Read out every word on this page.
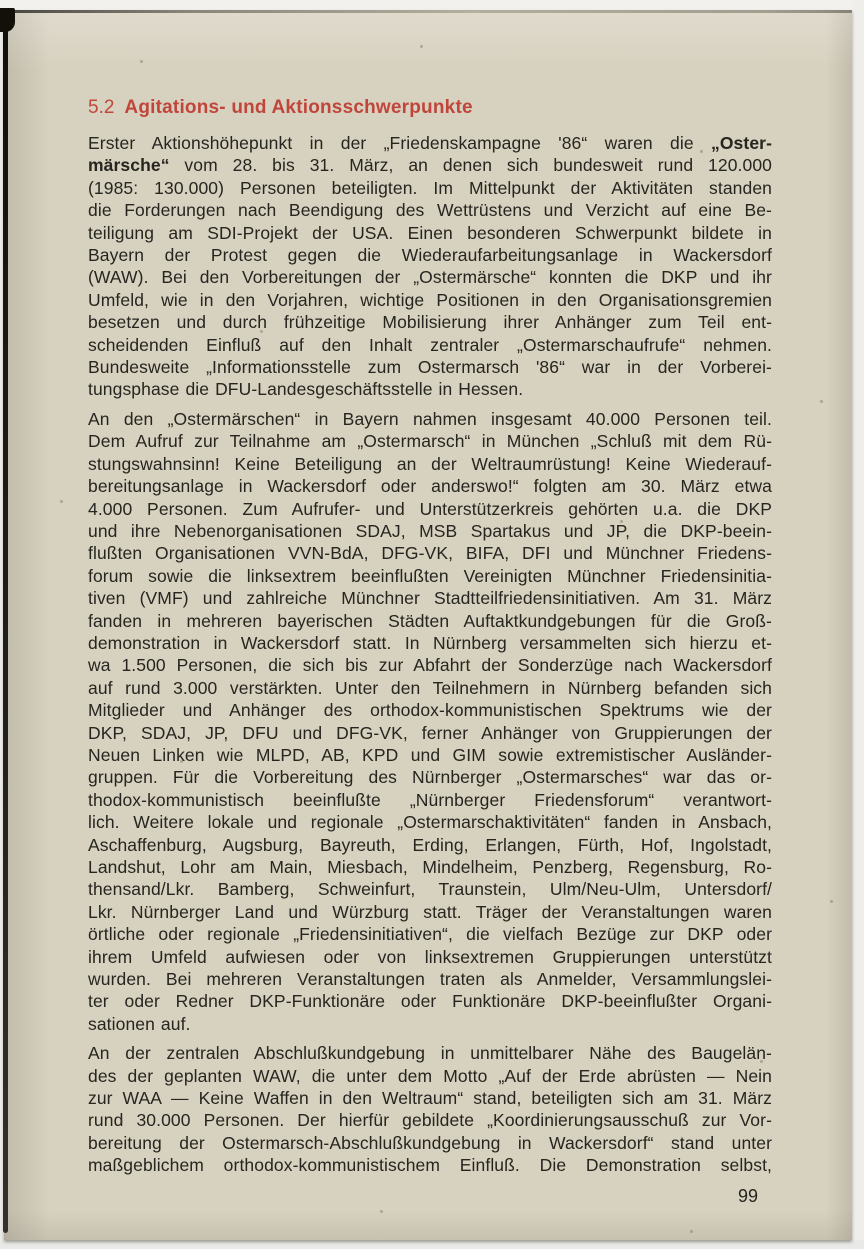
5.2 Agitations- und Aktionsschwerpunkte
Erster Aktionshöhepunkt in der „Friedenskampagne '86“ waren die „Oster-
märsche“ vom 28. bis 31. März, an denen sich bundesweit rund 120.000
(1985: 130.000) Personen beteiligten. Im Mittelpunkt der Aktivitäten standen
die Forderungen nach Beendigung des Wettrüstens und Verzicht auf eine Be-
teiligung am SDI-Projekt der USA. Einen besonderen Schwerpunkt bildete in
Bayern der Protest gegen die Wiederaufarbeitungsanlage in Wackersdorf
(WAW). Bei den Vorbereitungen der „Ostermärsche“ konnten die DKP und ihr
Umfeld, wie in den Vorjahren, wichtige Positionen in den Organisationsgremien
besetzen und durch frühzeitige Mobilisierung ihrer Anhänger zum Teil ent-
scheidenden Einfluß auf den Inhalt zentraler „Ostermarschaufrufe“ nehmen.
Bundesweite „Informationsstelle zum Ostermarsch '86“ war in der Vorberei-
tungsphase die DFU-Landesgeschäftsstelle in Hessen.
An den „Ostermärschen“ in Bayern nahmen insgesamt 40.000 Personen teil.
Dem Aufruf zur Teilnahme am „Ostermarsch“ in München „Schluß mit dem Rü-
stungswahnsinn! Keine Beteiligung an der Weltraumrüstung! Keine Wiederauf-
bereitungsanlage in Wackersdorf oder anderswo!“ folgten am 30. März etwa
4.000 Personen. Zum Aufrufer- und Unterstützerkreis gehörten u.a. die DKP
und ihre Nebenorganisationen SDAJ, MSB Spartakus und JP, die DKP-beein-
flußten Organisationen VVN-BdA, DFG-VK, BIFA, DFI und Münchner Friedens-
forum sowie die linksextrem beeinflußten Vereinigten Münchner Friedensinitia-
tiven (VMF) und zahlreiche Münchner Stadtteilfriedensinitiativen. Am 31. März
fanden in mehreren bayerischen Städten Auftaktkundgebungen für die Groß-
demonstration in Wackersdorf statt. In Nürnberg versammelten sich hierzu et-
wa 1.500 Personen, die sich bis zur Abfahrt der Sonderzüge nach Wackersdorf
auf rund 3.000 verstärkten. Unter den Teilnehmern in Nürnberg befanden sich
Mitglieder und Anhänger des orthodox-kommunistischen Spektrums wie der
DKP, SDAJ, JP, DFU und DFG-VK, ferner Anhänger von Gruppierungen der
Neuen Linken wie MLPD, AB, KPD und GIM sowie extremistischer Ausländer-
gruppen. Für die Vorbereitung des Nürnberger „Ostermarsches“ war das or-
thodox-kommunistisch beeinflußte „Nürnberger Friedensforum“ verantwort-
lich. Weitere lokale und regionale „Ostermarschaktivitäten“ fanden in Ansbach,
Aschaffenburg, Augsburg, Bayreuth, Erding, Erlangen, Fürth, Hof, Ingolstadt,
Landshut, Lohr am Main, Miesbach, Mindelheim, Penzberg, Regensburg, Ro-
thensand/Lkr. Bamberg, Schweinfurt, Traunstein, Ulm/Neu-Ulm, Untersdorf/
Lkr. Nürnberger Land und Würzburg statt. Träger der Veranstaltungen waren
örtliche oder regionale „Friedensinitiativen“, die vielfach Bezüge zur DKP oder
ihrem Umfeld aufwiesen oder von linksextremen Gruppierungen unterstützt
wurden. Bei mehreren Veranstaltungen traten als Anmelder, Versammlungslei-
ter oder Redner DKP-Funktionäre oder Funktionäre DKP-beeinflußter Organi-
sationen auf.
An der zentralen Abschlußkundgebung in unmittelbarer Nähe des Baugelän-
des der geplanten WAW, die unter dem Motto „Auf der Erde abrüsten — Nein
zur WAA — Keine Waffen in den Weltraum“ stand, beteiligten sich am 31. März
rund 30.000 Personen. Der hierfür gebildete „Koordinierungsausschuß zur Vor-
bereitung der Ostermarsch-Abschlußkundgebung in Wackersdorf“ stand unter
maßgeblichem orthodox-kommunistischem Einfluß. Die Demonstration selbst,
99
